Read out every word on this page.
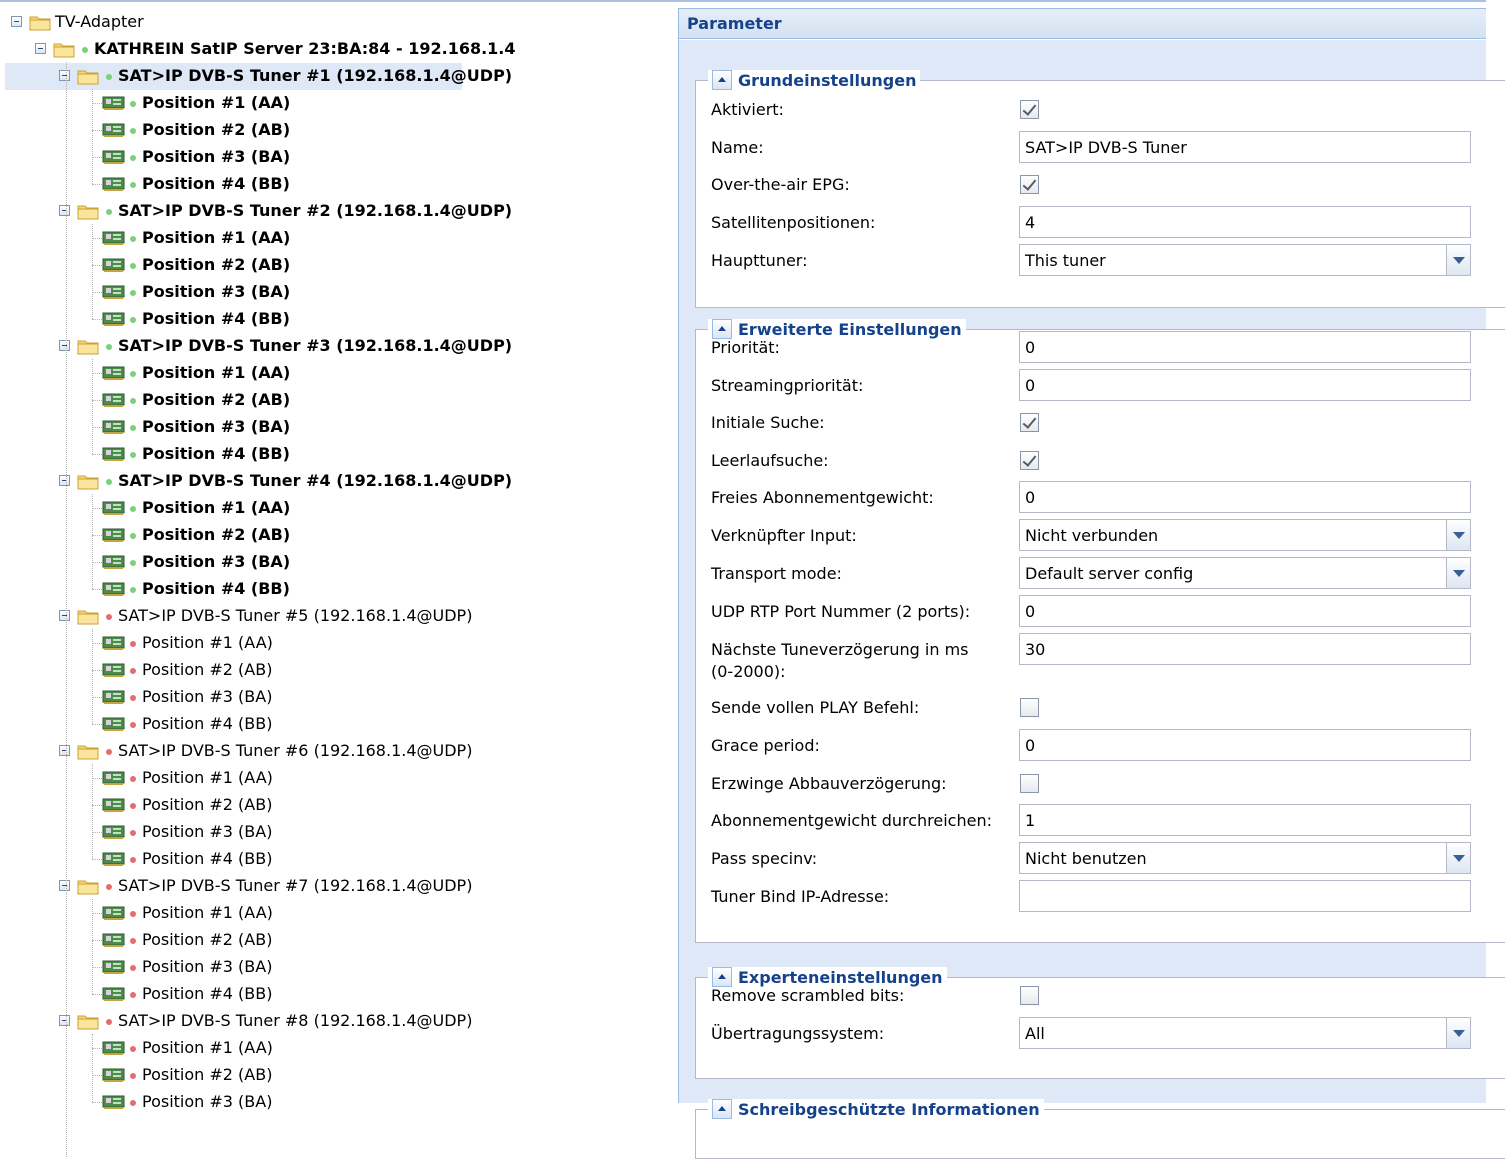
TV-Adapter
KATHREIN SatIP Server 23:BA:84 - 192.168.1.4
SAT>IP DVB-S Tuner #1 (192.168.1.4@UDP)
Position #1 (AA)
Position #2 (AB)
Position #3 (BA)
Position #4 (BB)
SAT>IP DVB-S Tuner #2 (192.168.1.4@UDP)
Position #1 (AA)
Position #2 (AB)
Position #3 (BA)
Position #4 (BB)
SAT>IP DVB-S Tuner #3 (192.168.1.4@UDP)
Position #1 (AA)
Position #2 (AB)
Position #3 (BA)
Position #4 (BB)
SAT>IP DVB-S Tuner #4 (192.168.1.4@UDP)
Position #1 (AA)
Position #2 (AB)
Position #3 (BA)
Position #4 (BB)
SAT>IP DVB-S Tuner #5 (192.168.1.4@UDP)
Position #1 (AA)
Position #2 (AB)
Position #3 (BA)
Position #4 (BB)
SAT>IP DVB-S Tuner #6 (192.168.1.4@UDP)
Position #1 (AA)
Position #2 (AB)
Position #3 (BA)
Position #4 (BB)
SAT>IP DVB-S Tuner #7 (192.168.1.4@UDP)
Position #1 (AA)
Position #2 (AB)
Position #3 (BA)
Position #4 (BB)
SAT>IP DVB-S Tuner #8 (192.168.1.4@UDP)
Position #1 (AA)
Position #2 (AB)
Position #3 (BA)
Parameter
Grundeinstellungen
Aktiviert:
Name:
SAT>IP DVB-S Tuner
Over-the-air EPG:
Satellitenpositionen:
4
Haupttuner:	This tuner
Erweiterte Einstellungen
Priorität:
0
Streamingpriorität:
0
Initiale Suche:
Leerlaufsuche:
Freies Abonnementgewicht:
0
Verknüpfter Input:	Nicht verbunden
Transport mode:	Default server config
UDP RTP Port Nummer (2 ports):
0
Nächste Tuneverzögerung in ms
(0-2000):
30
Sende vollen PLAY Befehl:
Grace period:
0
Erzwinge Abbauverzögerung:
Abonnementgewicht durchreichen:
1
Pass specinv:	Nicht benutzen
Tuner Bind IP-Adresse:
Experteneinstellungen
Remove scrambled bits:
Übertragungssystem:	All
Schreibgeschützte Informationen
